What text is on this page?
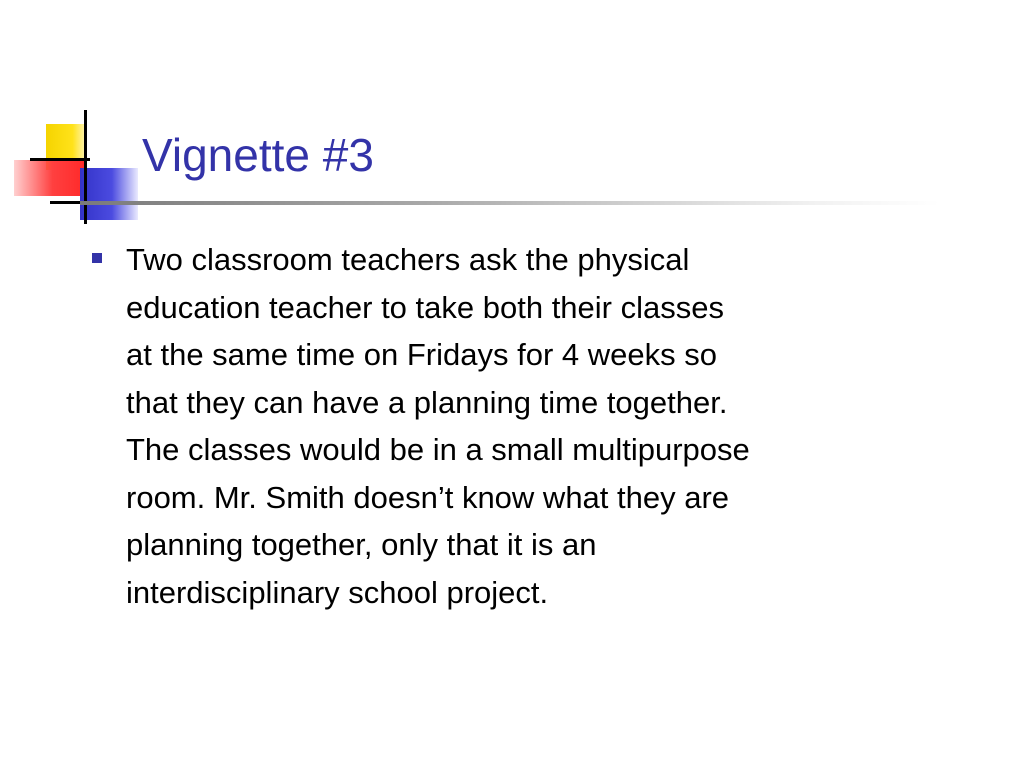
Vignette #3
Two classroom teachers ask the physical
education teacher to take both their classes
at the same time on Fridays for 4 weeks so
that they can have a planning time together.
The classes would be in a small multipurpose
room. Mr. Smith doesn’t know what they are
planning together, only that it is an
interdisciplinary school project.
